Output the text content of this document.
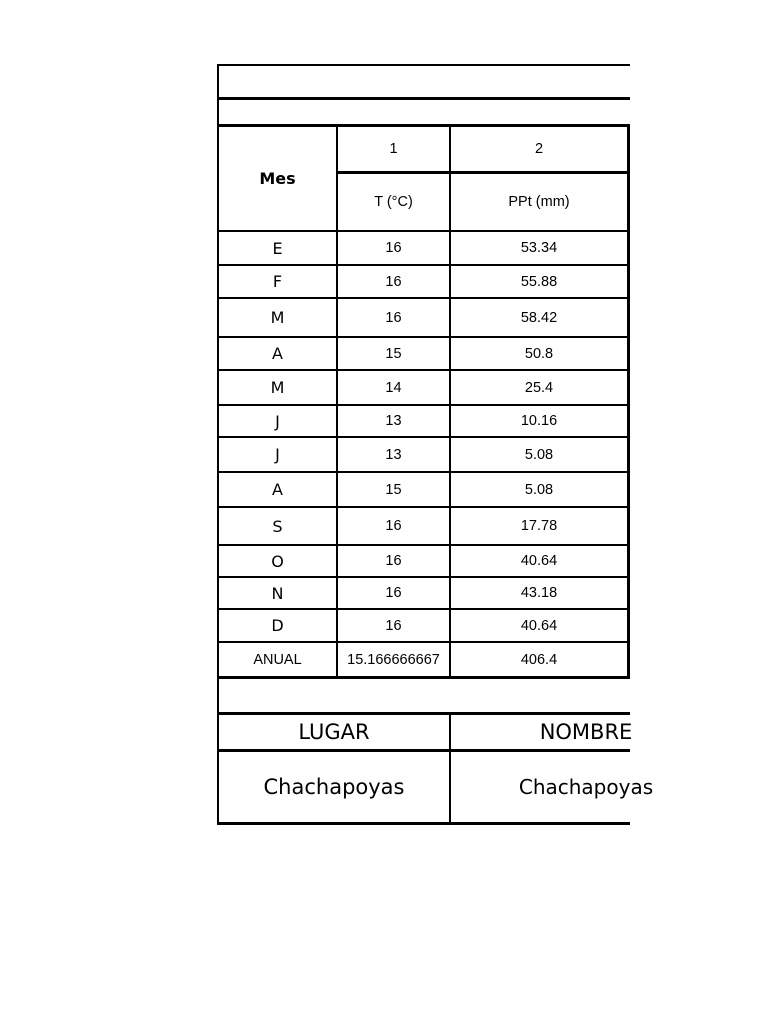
Mes
1	2
T (°C)	PPt (mm)
E	16	53.34
F	16	55.88
M	16	58.42
A	15	50.8
M	14	25.4
J	13	10.16
J	13	5.08
A	15	5.08
S	16	17.78
O	16	40.64
N	16	43.18
D	16	40.64
ANUAL	15.166666667	406.4
LUGAR	NOMBRE
Chachapoyas	Chachapoyas
